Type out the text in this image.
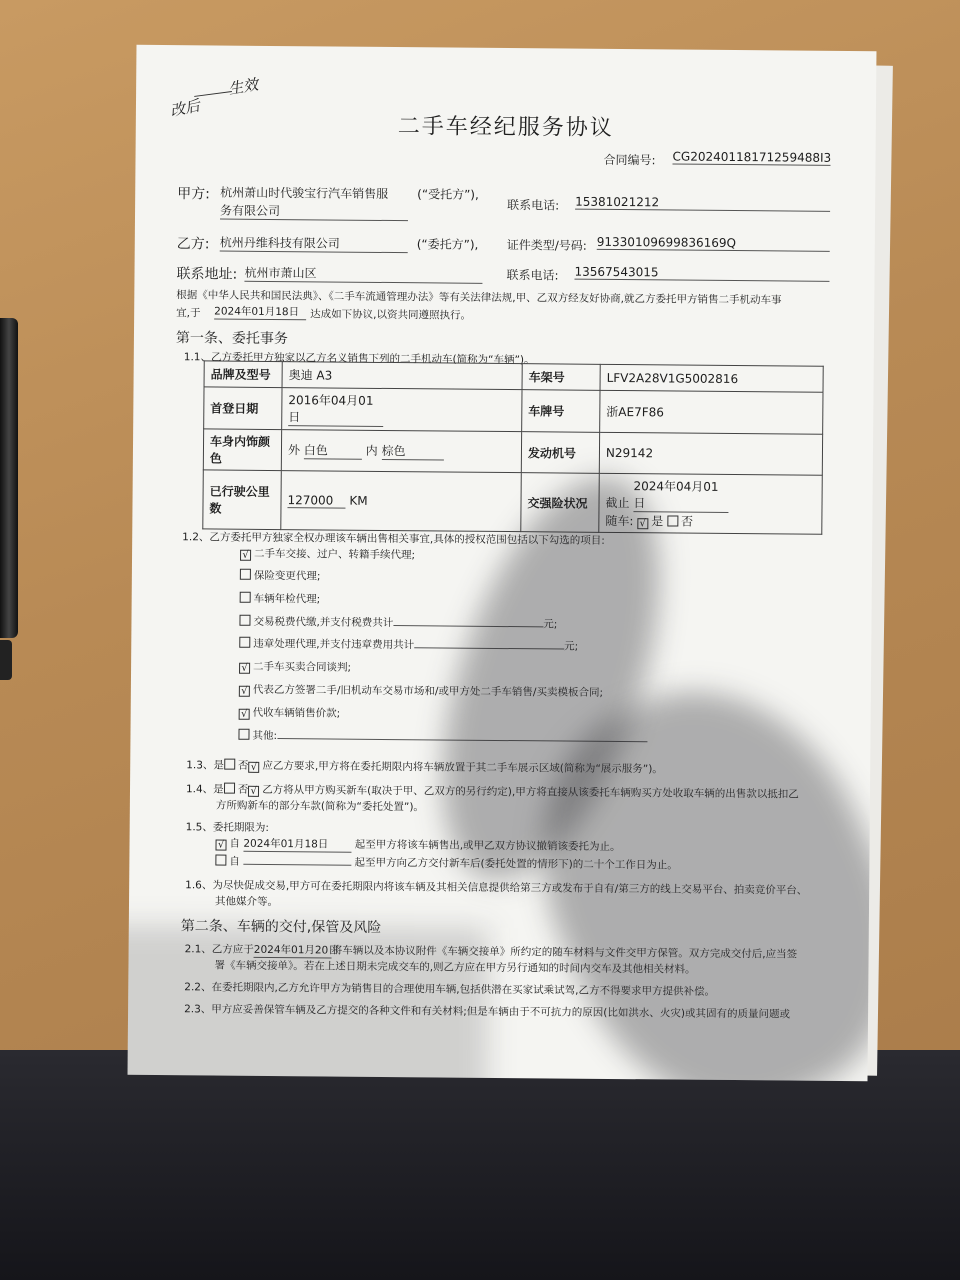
改后
生效
二手车经纪服务协议
合同编号: CG20240118171259488I3
甲方: 杭州萧山时代骏宝行汽车销售服
务有限公司
(“受托方”),
联系电话: 15381021212
乙方: 杭州丹维科技有限公司	(“委托方”), 证件类型/号码: 91330109699836169Q
联系地址: 杭州市萧山区	联系电话: 13567543015
根据《中华人民共和国民法典》、《二手车流通管理办法》等有关法律法规,甲、乙双方经友好协商,就乙方委托甲方销售二手机动车事
宜,于 2024年01月18日	达成如下协议,以资共同遵照执行。
第一条、委托事务
1.1、乙方委托甲方独家以乙方名义销售下列的二手机动车(简称为“车辆”)。
品牌及型号	奥迪 A3	车架号	LFV2A28V1G5002816
首登日期	2016年04月01日	车牌号	浙AE7F86
车身内饰颜
色	外 白色 内 棕色	发动机号	N29142
已行驶公里
数	127000 KM	交强险状况	截止 2024年04月01日
随车: √ 是 否
1.2、乙方委托甲方独家全权办理该车辆出售相关事宜,具体的授权范围包括以下勾选的项目:
√ 二手车交接、过户、转籍手续代理;
保险变更代理;
车辆年检代理;
交易税费代缴,并支付税费共计	元;
违章处理代理,并支付违章费用共计	元;
√ 二手车买卖合同谈判;
√ 代表乙方签署二手/旧机动车交易市场和/或甲方处二手车销售/买卖模板合同;
√ 代收车辆销售价款;
其他:
1.3、是 否 √ 应乙方要求,甲方将在委托期限内将车辆放置于其二手车展示区域(简称为“展示服务”)。
1.4、是 否 √ 乙方将从甲方购买新车(取决于甲、乙双方的另行约定),甲方将直接从该委托车辆购买方处收取车辆的出售款以抵扣乙
方所购新车的部分车款(简称为“委托处置”)。
1.5、委托期限为:
√ 自 2024年01月18日	起至甲方将该车辆售出,或甲乙双方协议撤销该委托为止。
自	起至甲方向乙方交付新车后(委托处置的情形下)的二十个工作日为止。
1.6、为尽快促成交易,甲方可在委托期限内将该车辆及其相关信息提供给第三方或发布于自有/第三方的线上交易平台、拍卖竞价平台、
其他媒介等。
第二条、车辆的交付,保管及风险
2.1、乙方应于2024年01月20日将车辆以及本协议附件《车辆交接单》所约定的随车材料与文件交甲方保管。双方完成交付后,应当签
署《车辆交接单》。若在上述日期未完成交车的,则乙方应在甲方另行通知的时间内交车及其他相关材料。
2.2、在委托期限内,乙方允许甲方为销售目的合理使用车辆,包括供潜在买家试乘试驾,乙方不得要求甲方提供补偿。
2.3、甲方应妥善保管车辆及乙方提交的各种文件和有关材料;但是车辆由于不可抗力的原因(比如洪水、火灾)或其固有的质量问题或
